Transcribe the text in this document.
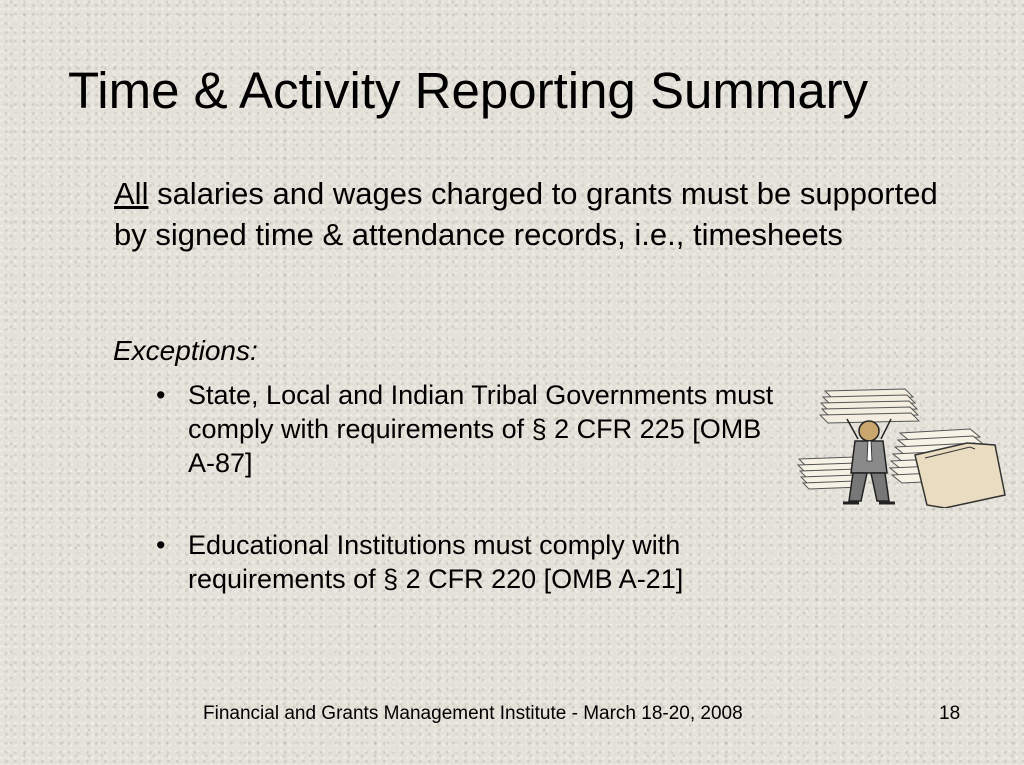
Time & Activity Reporting Summary

All salaries and wages charged to grants must be supported by signed time & attendance records, i.e., timesheets

Exceptions:
• State, Local and Indian Tribal Governments must comply with requirements of § 2 CFR 225 [OMB A-87]
• Educational Institutions must comply with requirements of § 2 CFR 220 [OMB A-21]
Financial and Grants Management Institute - March 18-20, 2008	18
